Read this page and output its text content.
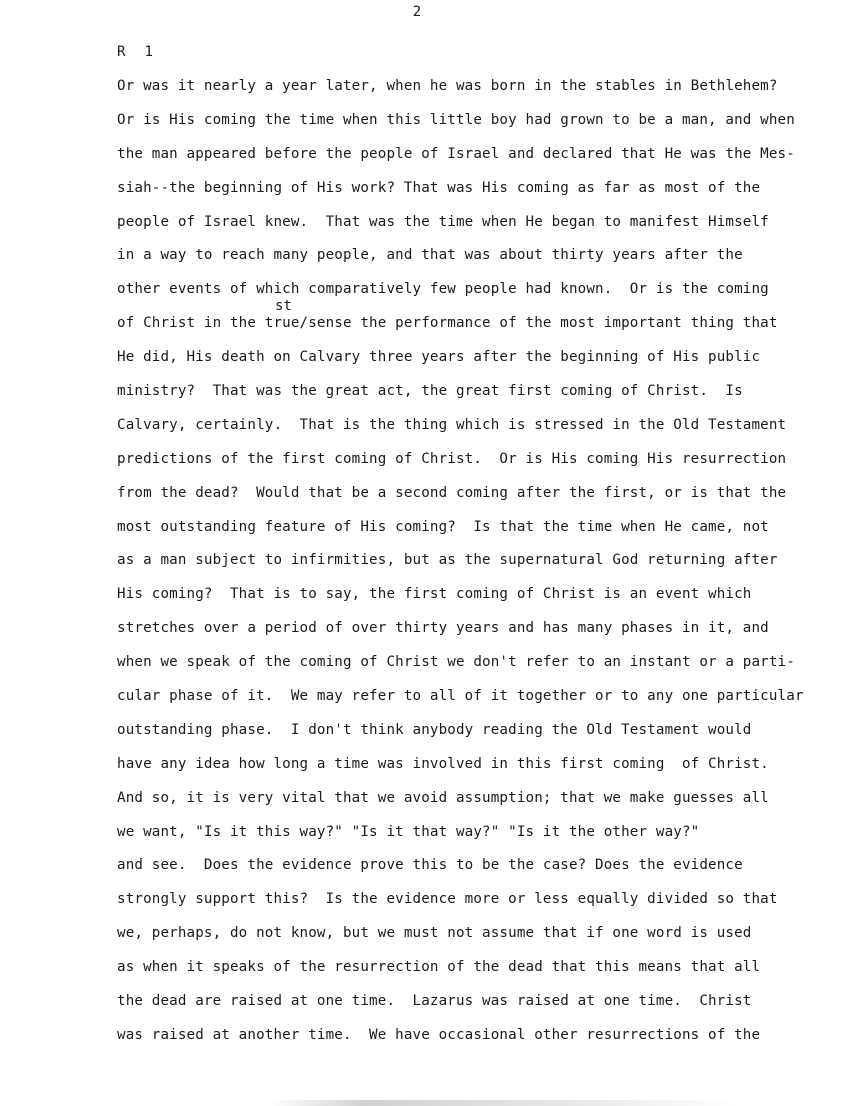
2
R 1
st
Or was it nearly a year later, when he was born in the stables in Bethlehem?
Or is His coming the time when this little boy had grown to be a man, and when
the man appeared before the people of Israel and declared that He was the Mes-
siah--the beginning of His work? That was His coming as far as most of the
people of Israel knew.  That was the time when He began to manifest Himself
in a way to reach many people, and that was about thirty years after the
other events of which comparatively few people had known.  Or is the coming
of Christ in the true/sense the performance of the most important thing that
He did, His death on Calvary three years after the beginning of His public
ministry?  That was the great act, the great first coming of Christ.  Is
Calvary, certainly.  That is the thing which is stressed in the Old Testament
predictions of the first coming of Christ.  Or is His coming His resurrection
from the dead?  Would that be a second coming after the first, or is that the
most outstanding feature of His coming?  Is that the time when He came, not
as a man subject to infirmities, but as the supernatural God returning after
His coming?  That is to say, the first coming of Christ is an event which
stretches over a period of over thirty years and has many phases in it, and
when we speak of the coming of Christ we don't refer to an instant or a parti-
cular phase of it.  We may refer to all of it together or to any one particular
outstanding phase.  I don't think anybody reading the Old Testament would
have any idea how long a time was involved in this first coming  of Christ.
And so, it is very vital that we avoid assumption; that we make guesses all
we want, "Is it this way?" "Is it that way?" "Is it the other way?"
and see.  Does the evidence prove this to be the case? Does the evidence
strongly support this?  Is the evidence more or less equally divided so that
we, perhaps, do not know, but we must not assume that if one word is used
as when it speaks of the resurrection of the dead that this means that all
the dead are raised at one time.  Lazarus was raised at one time.  Christ
was raised at another time.  We have occasional other resurrections of the
